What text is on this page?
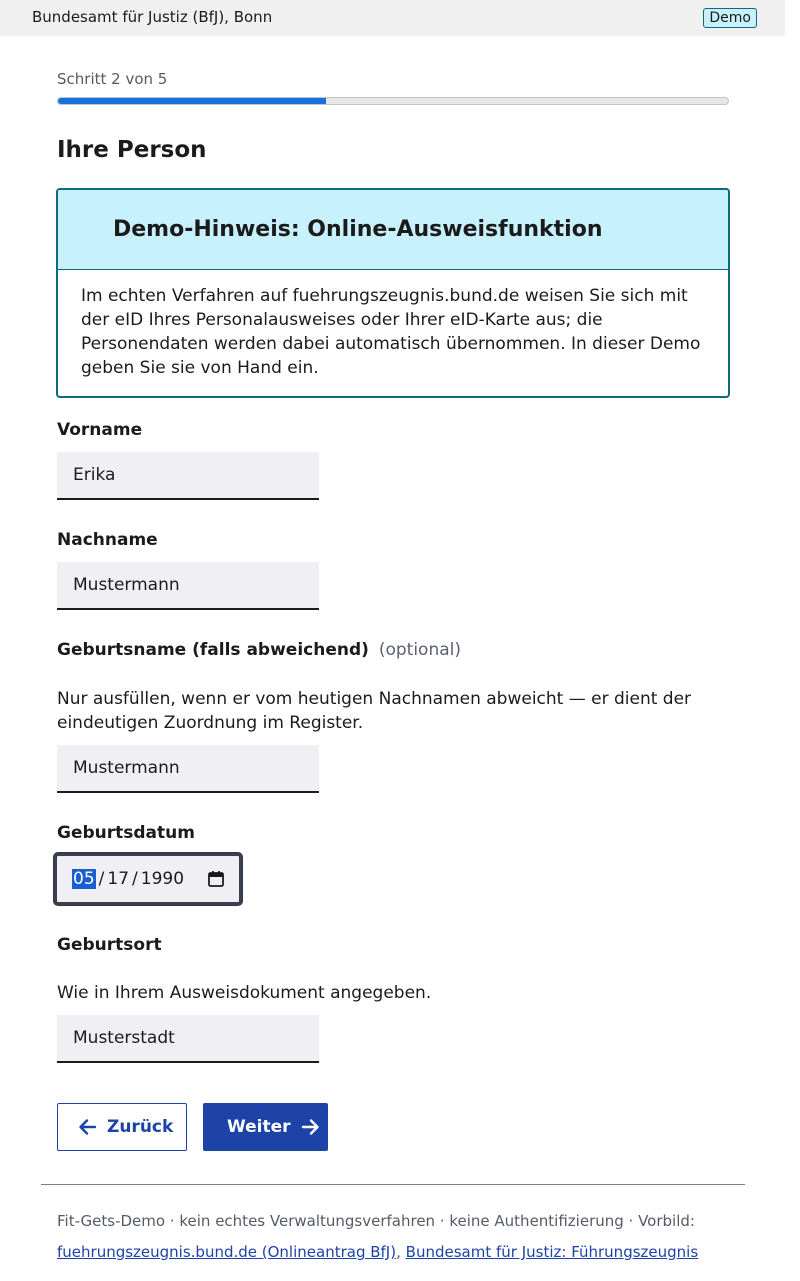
Bundesamt für Justiz (BfJ), Bonn	Demo
Schritt 2 von 5
Ihre Person
Demo-Hinweis: Online-Ausweisfunktion
Im echten Verfahren auf fuehrungszeugnis.bund.de weisen Sie sich mit der eID Ihres Personalausweises oder Ihrer eID-Karte aus; die Personendaten werden dabei automatisch übernommen. In dieser Demo geben Sie sie von Hand ein.
Vorname
Erika
Nachname
Mustermann
Geburtsname (falls abweichend) (optional)
Nur ausfüllen, wenn er vom heutigen Nachnamen abweicht — er dient der eindeutigen Zuordnung im Register.
Mustermann
Geburtsdatum
05 / 17 / 1990
Geburtsort
Wie in Ihrem Ausweisdokument angegeben.
Musterstadt
Zurück	Weiter
Fit-Gets-Demo · kein echtes Verwaltungsverfahren · keine Authentifizierung · Vorbild:
fuehrungszeugnis.bund.de (Onlineantrag BfJ), Bundesamt für Justiz: Führungszeugnis
